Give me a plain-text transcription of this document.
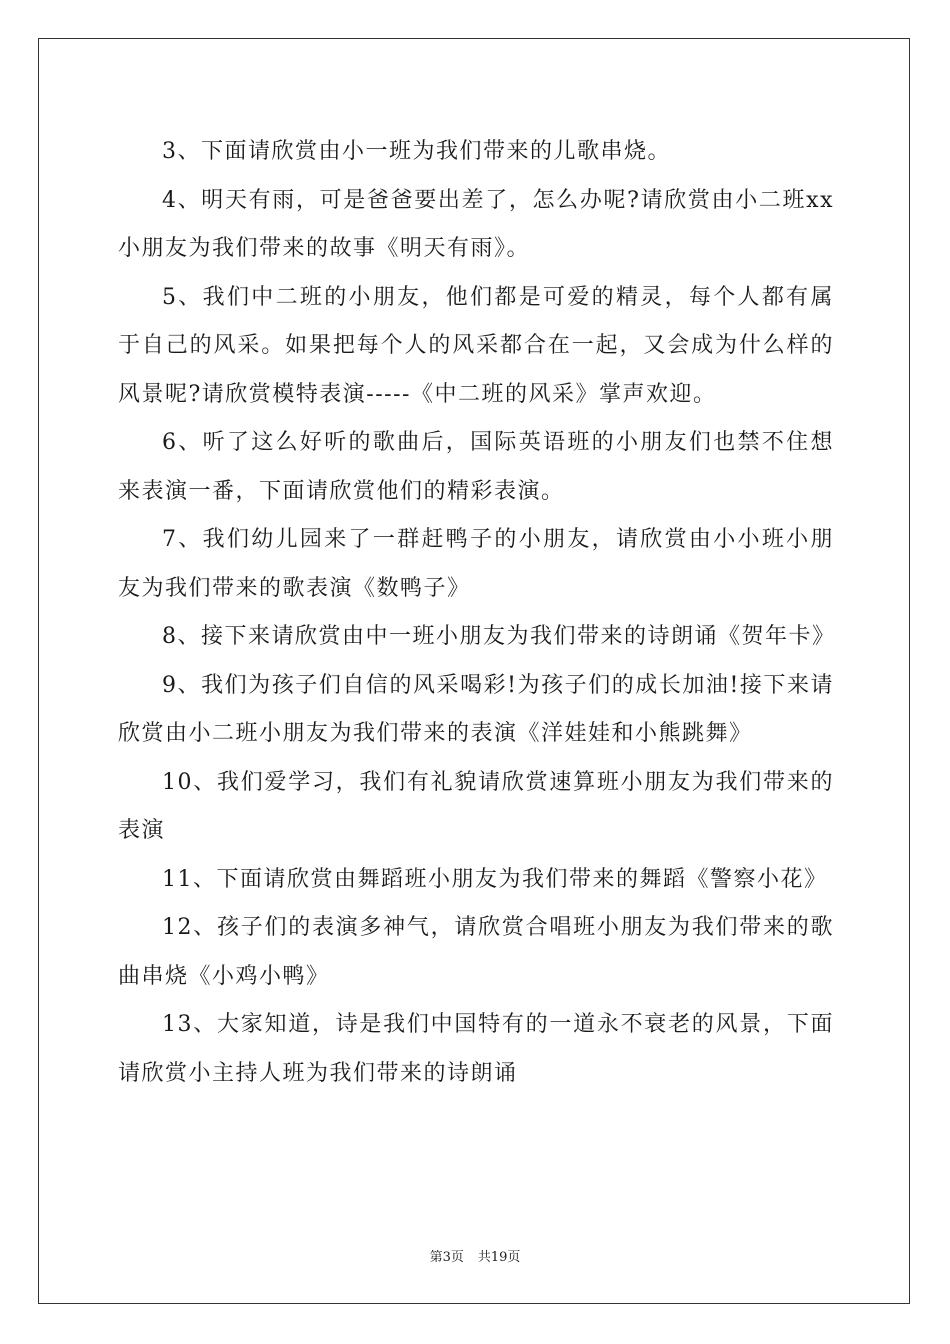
3、下面请欣赏由小一班为我们带来的儿歌串烧。

4、明天有雨，可是爸爸要出差了，怎么办呢?请欣赏由小二班xx小朋友为我们带来的故事《明天有雨》。

5、我们中二班的小朋友，他们都是可爱的精灵，每个人都有属于自己的风采。如果把每个人的风采都合在一起，又会成为什么样的风景呢?请欣赏模特表演-----《中二班的风采》掌声欢迎。

6、听了这么好听的歌曲后，国际英语班的小朋友们也禁不住想来表演一番，下面请欣赏他们的精彩表演。

7、我们幼儿园来了一群赶鸭子的小朋友，请欣赏由小小班小朋友为我们带来的歌表演《数鸭子》

8、接下来请欣赏由中一班小朋友为我们带来的诗朗诵《贺年卡》

9、我们为孩子们自信的风采喝彩!为孩子们的成长加油!接下来请欣赏由小二班小朋友为我们带来的表演《洋娃娃和小熊跳舞》

10、我们爱学习，我们有礼貌请欣赏速算班小朋友为我们带来的表演

11、下面请欣赏由舞蹈班小朋友为我们带来的舞蹈《警察小花》

12、孩子们的表演多神气，请欣赏合唱班小朋友为我们带来的歌曲串烧《小鸡小鸭》

13、大家知道，诗是我们中国特有的一道永不衰老的风景，下面请欣赏小主持人班为我们带来的诗朗诵

第3页 共19页
